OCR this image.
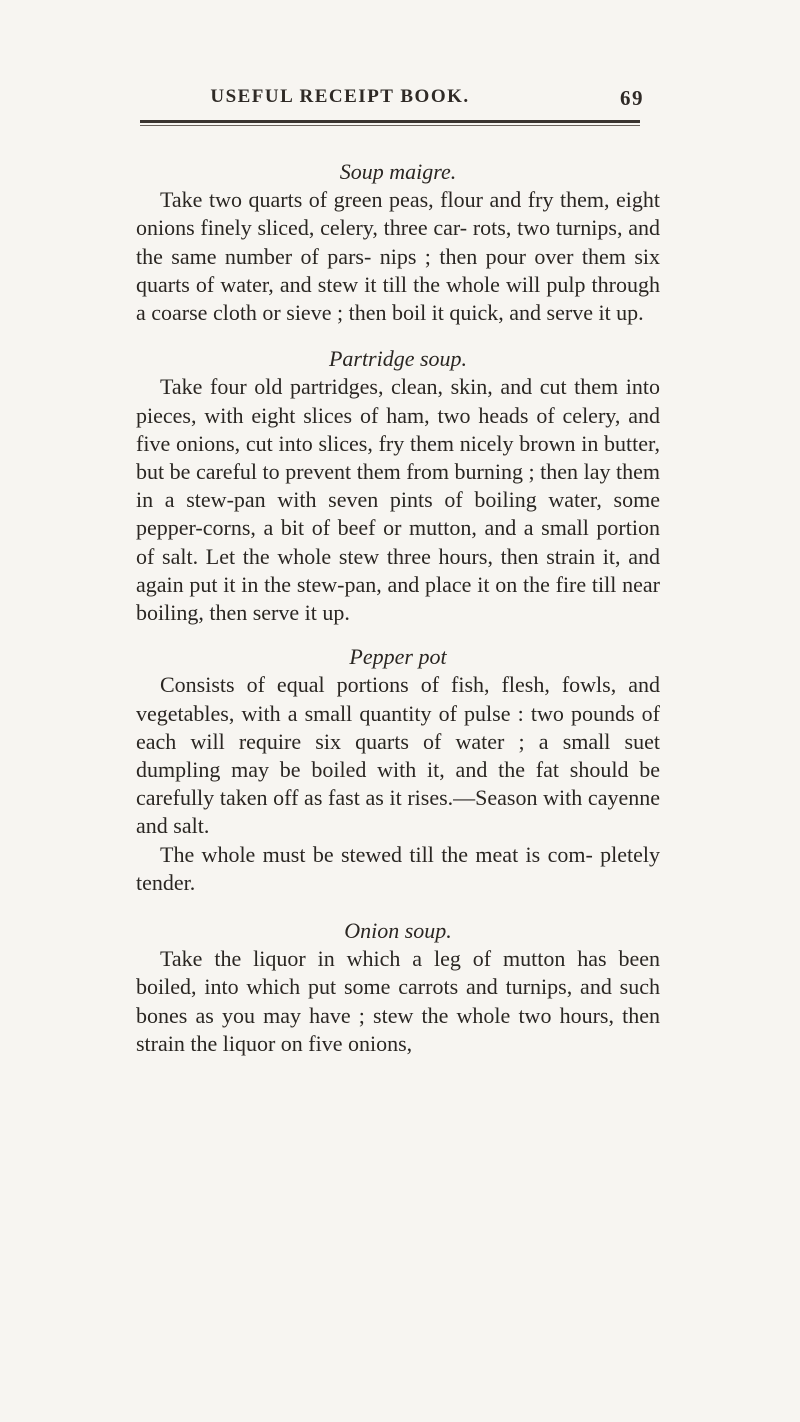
USEFUL RECEIPT BOOK.	69

Soup maigre.

Take two quarts of green peas, flour and fry them, eight onions finely sliced, celery, three car- rots, two turnips, and the same number of pars- nips ; then pour over them six quarts of water, and stew it till the whole will pulp through a coarse cloth or sieve ; then boil it quick, and serve it up.

Partridge soup.

Take four old partridges, clean, skin, and cut them into pieces, with eight slices of ham, two heads of celery, and five onions, cut into slices, fry them nicely brown in butter, but be careful to prevent them from burning ; then lay them in a stew-pan with seven pints of boiling water, some pepper-corns, a bit of beef or mutton, and a small portion of salt. Let the whole stew three hours, then strain it, and again put it in the stew-pan, and place it on the fire till near boiling, then serve it up.

Pepper pot

Consists of equal portions of fish, flesh, fowls, and vegetables, with a small quantity of pulse : two pounds of each will require six quarts of water ; a small suet dumpling may be boiled with it, and the fat should be carefully taken off as fast as it rises.—Season with cayenne and salt.

The whole must be stewed till the meat is com- pletely tender.

Onion soup.

Take the liquor in which a leg of mutton has been boiled, into which put some carrots and turnips, and such bones as you may have ; stew the whole two hours, then strain the liquor on five onions,
